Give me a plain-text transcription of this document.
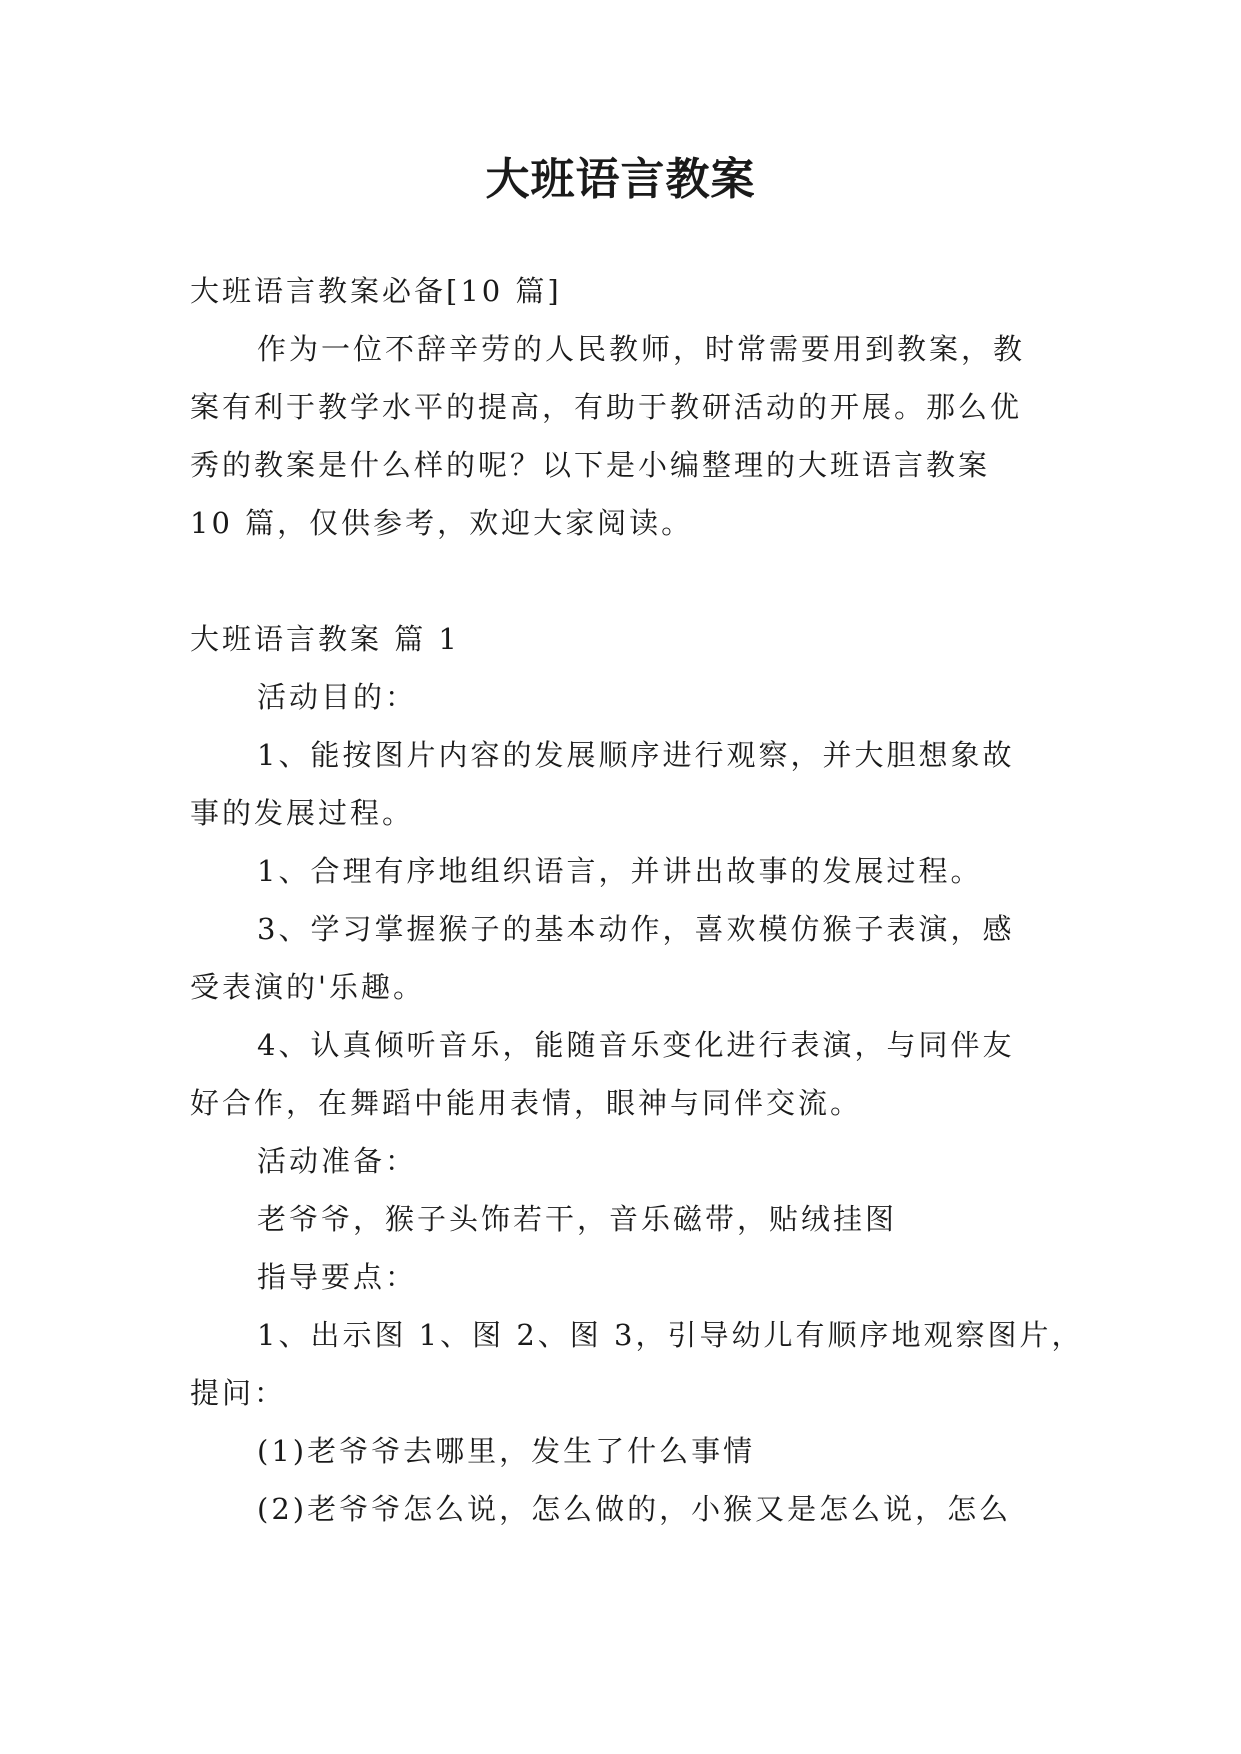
大班语言教案
大班语言教案必备[10 篇]
作为一位不辞辛劳的人民教师，时常需要用到教案，教
案有利于教学水平的提高，有助于教研活动的开展。那么优
秀的教案是什么样的呢？以下是小编整理的大班语言教案
10 篇，仅供参考，欢迎大家阅读。
大班语言教案 篇 1
活动目的：
1、能按图片内容的发展顺序进行观察，并大胆想象故
事的发展过程。
1、合理有序地组织语言，并讲出故事的发展过程。
3、学习掌握猴子的基本动作，喜欢模仿猴子表演，感
受表演的'乐趣。
4、认真倾听音乐，能随音乐变化进行表演，与同伴友
好合作，在舞蹈中能用表情，眼神与同伴交流。
活动准备：
老爷爷，猴子头饰若干，音乐磁带，贴绒挂图
指导要点：
1、出示图 1、图 2、图 3，引导幼儿有顺序地观察图片，
提问：
(1)老爷爷去哪里，发生了什么事情
(2)老爷爷怎么说，怎么做的，小猴又是怎么说，怎么
